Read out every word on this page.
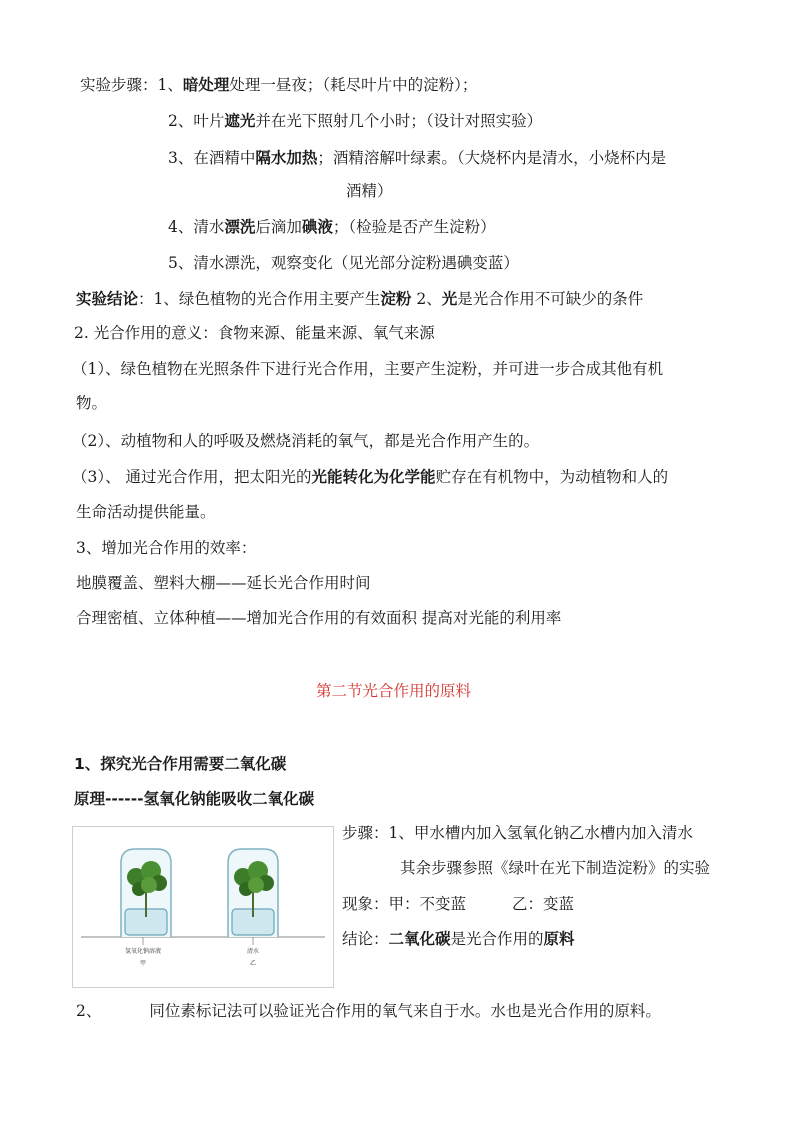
实验步骤：1、暗处理处理一昼夜；（耗尽叶片中的淀粉）；
2、叶片遮光并在光下照射几个小时；（设计对照实验）
3、在酒精中隔水加热；酒精溶解叶绿素。（大烧杯内是清水，小烧杯内是
酒精）
4、清水漂洗后滴加碘液；（检验是否产生淀粉）
5、清水漂洗，观察变化（见光部分淀粉遇碘变蓝）
实验结论：1、绿色植物的光合作用主要产生淀粉 2、光是光合作用不可缺少的条件
2. 光合作用的意义：食物来源、能量来源、氧气来源
（1）、绿色植物在光照条件下进行光合作用，主要产生淀粉，并可进一步合成其他有机
物。
（2）、动植物和人的呼吸及燃烧消耗的氧气，都是光合作用产生的。
（3）、 通过光合作用，把太阳光的光能转化为化学能贮存在有机物中，为动植物和人的
生命活动提供能量。
3、增加光合作用的效率：
地膜覆盖、塑料大棚——延长光合作用时间
合理密植、立体种植——增加光合作用的有效面积 提高对光能的利用率
第二节光合作用的原料
1、探究光合作用需要二氧化碳
原理------氢氧化钠能吸收二氧化碳
氢氧化钠溶液
甲
清水
乙
步骤：1、甲水槽内加入氢氧化钠乙水槽内加入清水
其余步骤参照《绿叶在光下制造淀粉》的实验
现象：甲：不变蓝	乙：变蓝
结论：二氧化碳是光合作用的原料
2、	同位素标记法可以验证光合作用的氧气来自于水。水也是光合作用的原料。
